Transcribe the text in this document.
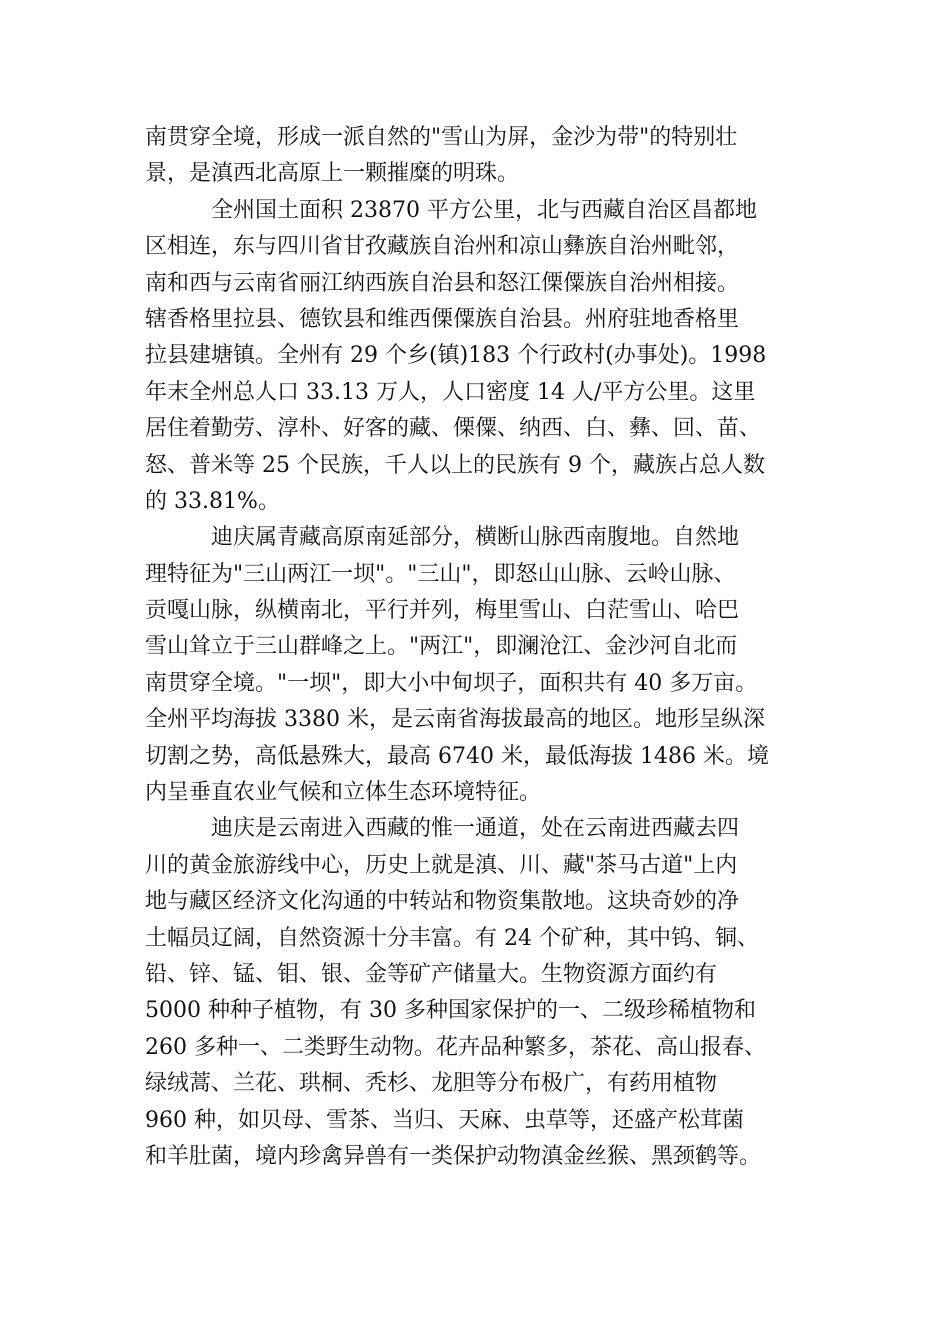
南贯穿全境，形成一派自然的"雪山为屏，金沙为带"的特别壮
景，是滇西北高原上一颗摧糜的明珠。
全州国土面积 23870 平方公里，北与西藏自治区昌都地
区相连，东与四川省甘孜藏族自治州和凉山彝族自治州毗邻，
南和西与云南省丽江纳西族自治县和怒江傈僳族自治州相接。
辖香格里拉县、德钦县和维西傈僳族自治县。州府驻地香格里
拉县建塘镇。全州有 29 个乡(镇)183 个行政村(办事处)。1998
年末全州总人口 33.13 万人，人口密度 14 人/平方公里。这里
居住着勤劳、淳朴、好客的藏、傈僳、纳西、白、彝、回、苗、
怒、普米等 25 个民族，千人以上的民族有 9 个，藏族占总人数
的 33.81%。
迪庆属青藏高原南延部分，横断山脉西南腹地。自然地
理特征为"三山两江一坝"。"三山"，即怒山山脉、云岭山脉、
贡嘎山脉，纵横南北，平行并列，梅里雪山、白茫雪山、哈巴
雪山耸立于三山群峰之上。"两江"，即澜沧江、金沙河自北而
南贯穿全境。"一坝"，即大小中甸坝子，面积共有 40 多万亩。
全州平均海拔 3380 米，是云南省海拔最高的地区。地形呈纵深
切割之势，高低悬殊大，最高 6740 米，最低海拔 1486 米。境
内呈垂直农业气候和立体生态环境特征。
迪庆是云南进入西藏的惟一通道，处在云南进西藏去四
川的黄金旅游线中心，历史上就是滇、川、藏"茶马古道"上内
地与藏区经济文化沟通的中转站和物资集散地。这块奇妙的净
土幅员辽阔，自然资源十分丰富。有 24 个矿种，其中钨、铜、
铅、锌、锰、钼、银、金等矿产储量大。生物资源方面约有
5000 种种子植物，有 30 多种国家保护的一、二级珍稀植物和
260 多种一、二类野生动物。花卉品种繁多，茶花、高山报春、
绿绒蒿、兰花、珙桐、秃杉、龙胆等分布极广，有药用植物
960 种，如贝母、雪茶、当归、天麻、虫草等，还盛产松茸菌
和羊肚菌，境内珍禽异兽有一类保护动物滇金丝猴、黑颈鹤等。
